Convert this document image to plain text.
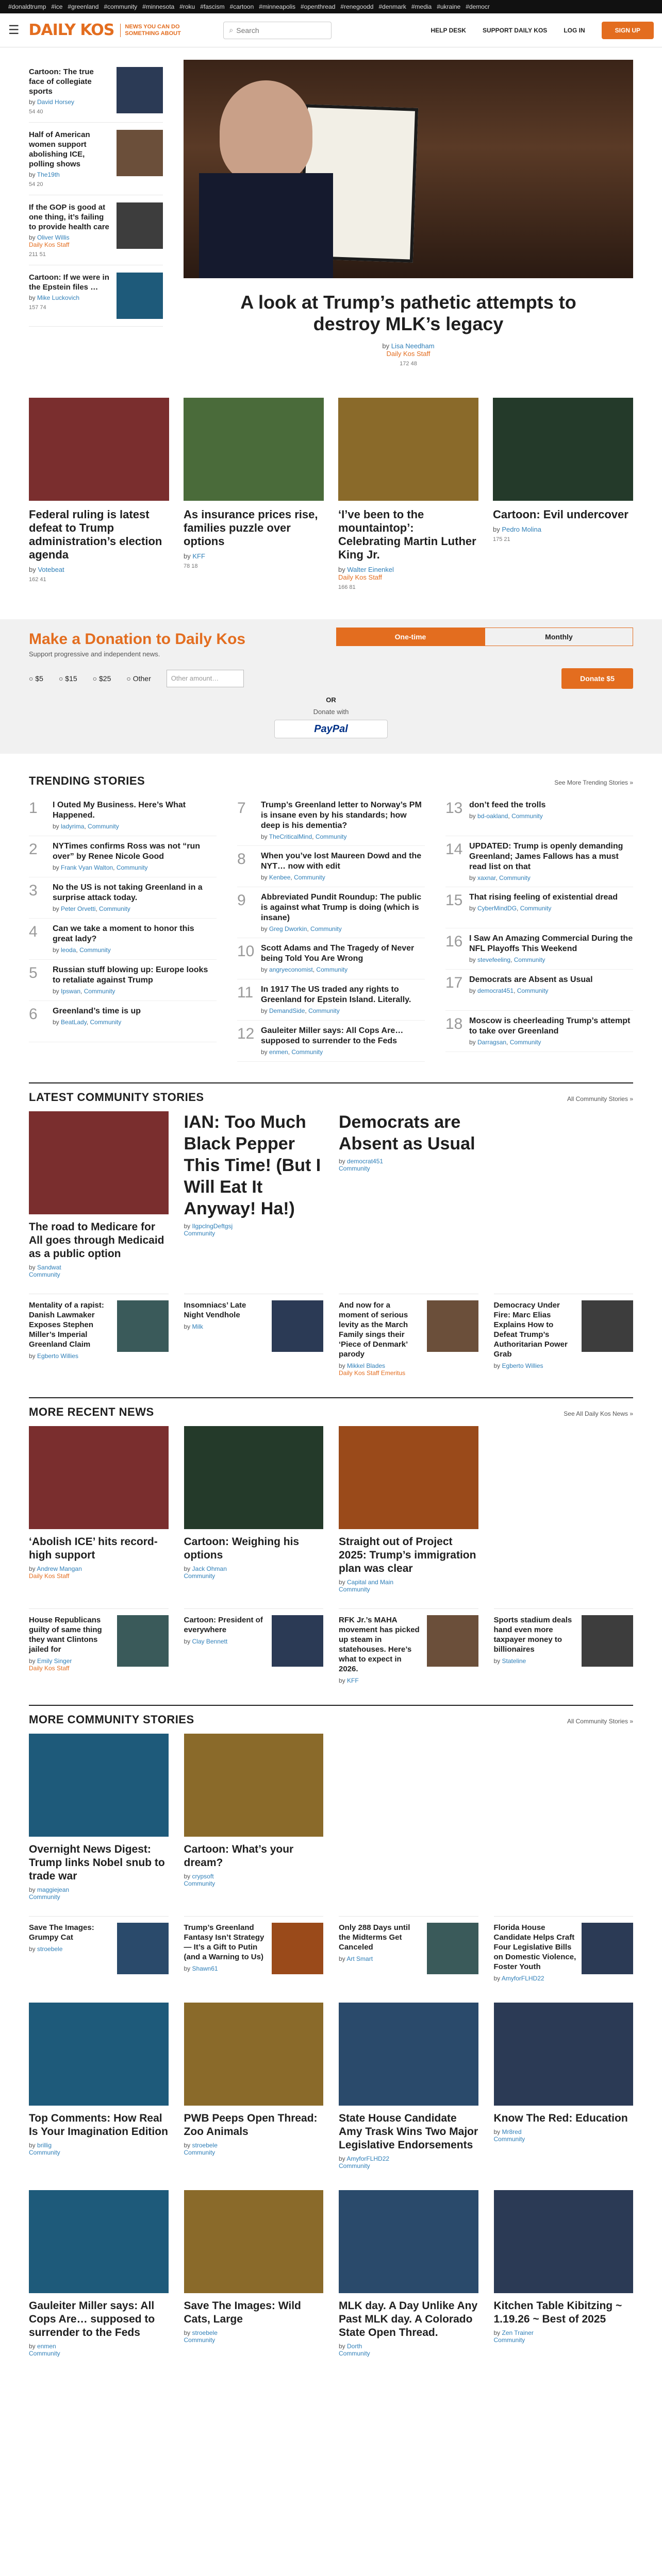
#donaldtrump #ice #greenland #community #minnesota #roku #fascism #cartoon #minneapolis #openthread #renegoodd #denmark #media #ukraine #democr
☰ DAILY KOS	NEWS YOU CAN DO SOMETHING ABOUT	⌕
Search	HELP DESK	SUPPORT DAILY KOS	LOG IN	SIGN UP
Cartoon: The true face of collegiate sports
by David Horsey
54 40
Half of American women support abolishing ICE, polling shows
by The19th
54 20
If the GOP is good at one thing, it’s failing to provide health care
by Oliver Willis
Daily Kos Staff
211 51
Cartoon: If we were in the Epstein files …
by Mike Luckovich
157 74	A look at Trump’s pathetic attempts to destroy MLK’s legacy
by Lisa Needham
Daily Kos Staff
172 48
Federal ruling is latest defeat to Trump administration’s election agenda
by Votebeat
162 41
As insurance prices rise, families puzzle over options
by KFF
78 18
‘I’ve been to the mountaintop’: Celebrating Martin Luther King Jr.
by Walter Einenkel
Daily Kos Staff
166 81
Cartoon: Evil undercover
by Pedro Molina
175 21
Make a Donation to Daily Kos
Support progressive and independent news.
One-time	Monthly
○ $5 ○ $15 ○ $25 ○ Other	Other amount…	Donate $5
OR
Donate with
PayPal
TRENDING STORIES	See More Trending Stories »
1	I Outed My Business. Here’s What Happened.
by ladyrima, Community
2	NYTimes confirms Ross was not “run over” by Renee Nicole Good
by Frank Vyan Walton, Community
3	No the US is not taking Greenland in a surprise attack today.
by Peter Orvetti, Community
4	Can we take a moment to honor this great lady?
by leoda, Community
5	Russian stuff blowing up: Europe looks to retaliate against Trump
by Ipswan, Community
6	Greenland’s time is up
by BeatLady, Community
7	Trump’s Greenland letter to Norway’s PM is insane even by his standards; how deep is his dementia?
by TheCriticalMind, Community
8	When you’ve lost Maureen Dowd and the NYT… now with edit
by Kenbee, Community
9	Abbreviated Pundit Roundup: The public is against what Trump is doing (which is insane)
by Greg Dworkin, Community
10 Scott Adams and The Tragedy of Never being Told You Are Wrong
by angryeconomist, Community
11 In 1917 The US traded any rights to Greenland for Epstein Island. Literally.
by DemandSide, Community
12 Gauleiter Miller says: All Cops Are… supposed to surrender to the Feds
by enmen, Community
13 don’t feed the trolls
by bd-oakland, Community
14 UPDATED: Trump is openly demanding Greenland; James Fallows has a must read list on that
by xaxnar, Community
15 That rising feeling of existential dread
by CyberMindDG, Community
16 I Saw An Amazing Commercial During the NFL Playoffs This Weekend
by stevefeeling, Community
17 Democrats are Absent as Usual
by democrat451, Community
18 Moscow is cheerleading Trump’s attempt to take over Greenland
by Darragsan, Community
LATEST COMMUNITY STORIES	All Community Stories »
The road to Medicare for All goes through Medicaid as a public option
by Sandwat
Community
IAN: Too Much Black Pepper This Time! (But I Will Eat It Anyway! Ha!)
by IlgpclngDeftgsj
Community
Democrats are Absent as Usual
by democrat451
Community
Mentality of a rapist: Danish Lawmaker Exposes Stephen Miller’s Imperial Greenland Claim
by Egberto Willies
Insomniacs’ Late Night Vendhole
by Milk
And now for a moment of serious levity as the March Family sings their ‘Piece of Denmark’ parody
by Mikkel Blades
Daily Kos Staff Emeritus
Democracy Under Fire: Marc Elias Explains How to Defeat Trump’s Authoritarian Power Grab
by Egberto Willies
MORE RECENT NEWS	See All Daily Kos News »
‘Abolish ICE’ hits record-high support
by Andrew Mangan
Daily Kos Staff
Cartoon: Weighing his options
by Jack Ohman
Community
Straight out of Project 2025: Trump’s immigration plan was clear
by Capital and Main
Community
House Republicans guilty of same thing they want Clintons jailed for
by Emily Singer
Daily Kos Staff
Cartoon: President of everywhere
by Clay Bennett
RFK Jr.’s MAHA movement has picked up steam in statehouses. Here’s what to expect in 2026.
by KFF
Sports stadium deals hand even more taxpayer money to billionaires
by Stateline
MORE COMMUNITY STORIES	All Community Stories »
Overnight News Digest: Trump links Nobel snub to trade war
by maggiejean
Community
Cartoon: What’s your dream?
by crypsoft
Community
Save The Images: Grumpy Cat
by stroebele
Trump’s Greenland Fantasy Isn’t Strategy — It’s a Gift to Putin (and a Warning to Us)
by Shawn61
Only 288 Days until the Midterms Get Canceled
by Art Smart
Florida House Candidate Helps Craft Four Legislative Bills on Domestic Violence, Foster Youth
by AmyforFLHD22
Top Comments: How Real Is Your Imagination Edition
by brillig
Community
PWB Peeps Open Thread: Zoo Animals
by stroebele
Community
State House Candidate Amy Trask Wins Two Major Legislative Endorsements
by AmyforFLHD22
Community
Know The Red: Education
by Mr8red
Community
Gauleiter Miller says: All Cops Are… supposed to surrender to the Feds
by enmen
Community
Save The Images: Wild Cats, Large
by stroebele
Community
MLK day. A Day Unlike Any Past MLK day. A Colorado State Open Thread.
by Dorth
Community
Kitchen Table Kibitzing ~ 1.19.26 ~ Best of 2025
by Zen Trainer
Community
